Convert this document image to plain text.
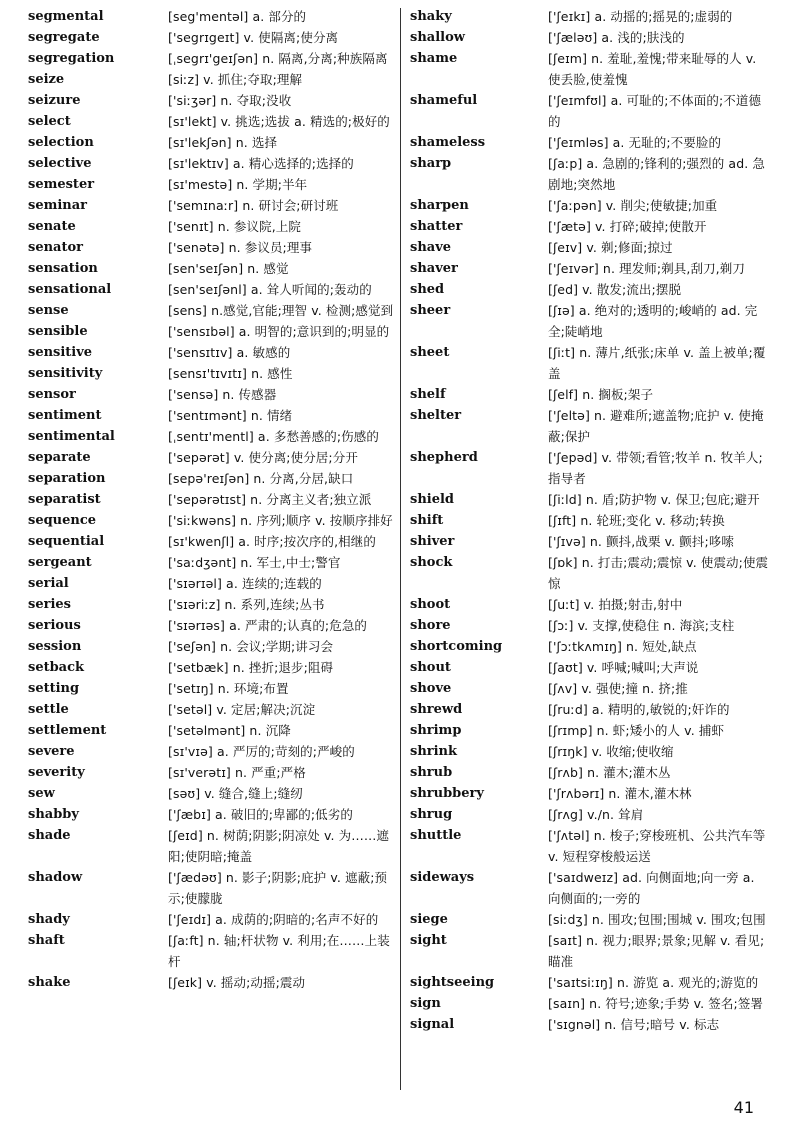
segmental	[seg'mentəl] a. 部分的
segregate	['segrɪgeɪt] v. 使隔离;使分离
segregation	[ˌsegrɪ'geɪʃən] n. 隔离,分离;种族隔离
seize	[siːz] v. 抓住;夺取;理解
seizure	['siːʒər] n. 夺取;没收
select	[sɪ'lekt] v. 挑选;选拔 a. 精选的;极好的
selection	[sɪ'lekʃən] n. 选择
selective	[sɪ'lektɪv] a. 精心选择的;选择的
semester	[sɪ'mestə] n. 学期;半年
seminar	['semɪnaːr] n. 研讨会;研讨班
senate	['senɪt] n. 参议院,上院
senator	['senətə] n. 参议员;理事
sensation	[sen'seɪʃən] n. 感觉
sensational	[sen'seɪʃənl] a. 耸人听闻的;轰动的
sense	[sens] n.感觉,官能;理智 v. 检测;感觉到
sensible	['sensɪbəl] a. 明智的;意识到的;明显的
sensitive	['sensɪtɪv] a. 敏感的
sensitivity	[sensɪ'tɪvɪtɪ] n. 感性
sensor	['sensə] n. 传感器
sentiment	['sentɪmənt] n. 情绪
sentimental	[ˌsentɪ'mentl] a. 多愁善感的;伤感的
separate	['sepərət] v. 使分离;使分居;分开
separation	[sepə'reɪʃən] n. 分离,分居,缺口
separatist	['sepərətɪst] n. 分离主义者;独立派
sequence	['siːkwəns] n. 序列;顺序 v. 按顺序排好
sequential	[sɪ'kwenʃl] a. 时序;按次序的,相继的
sergeant	['saːdʒənt] n. 军士,中士;警官
serial	['sɪərɪəl] a. 连续的;连载的
series	['sɪəriːz] n. 系列,连续;丛书
serious	['sɪərɪəs] a. 严肃的;认真的;危急的
session	['seʃən] n. 会议;学期;讲习会
setback	['setbæk] n. 挫折;退步;阻碍
setting	['setɪŋ] n. 环境;布置
settle	['setəl] v. 定居;解决;沉淀
settlement	['setəlmənt] n. 沉降
severe	[sɪ'vɪə] a. 严厉的;苛刻的;严峻的
severity	[sɪ'verətɪ] n. 严重;严格
sew	[səʊ] v. 缝合,缝上;缝纫
shabby	['ʃæbɪ] a. 破旧的;卑鄙的;低劣的
shade	[ʃeɪd] n. 树荫;阴影;阴凉处 v. 为……遮阳;使阴暗;掩盖
shadow	['ʃædəʊ] n. 影子;阴影;庇护 v. 遮蔽;预示;使朦胧
shady	['ʃeɪdɪ] a. 成荫的;阴暗的;名声不好的
shaft	[ʃaːft] n. 轴;杆状物 v. 利用;在……上装杆
shake	[ʃeɪk] v. 摇动;动摇;震动
shaky	['ʃeɪkɪ] a. 动摇的;摇晃的;虚弱的
shallow	['ʃæləʊ] a. 浅的;肤浅的
shame	[ʃeɪm] n. 羞耻,羞愧;带来耻辱的人 v. 使丢脸,使羞愧
shameful	['ʃeɪmfʊl] a. 可耻的;不体面的;不道德的
shameless	['ʃeɪmləs] a. 无耻的;不要脸的
sharp	[ʃaːp] a. 急剧的;锋利的;强烈的 ad. 急剧地;突然地
sharpen	['ʃaːpən] v. 削尖;使敏捷;加重
shatter	['ʃætə] v. 打碎;破掉;使散开
shave	[ʃeɪv] v. 剃;修面;掠过
shaver	['ʃeɪvər] n. 理发师;剃具,刮刀,剃刀
shed	[ʃed] v. 散发;流出;摆脱
sheer	[ʃɪə] a. 绝对的;透明的;峻峭的 ad. 完全;陡峭地
sheet	[ʃiːt] n. 薄片,纸张;床单 v. 盖上被单;覆盖
shelf	[ʃelf] n. 搁板;架子
shelter	['ʃeltə] n. 避难所;遮盖物;庇护 v. 使掩蔽;保护
shepherd	['ʃepəd] v. 带领;看管;牧羊 n. 牧羊人;指导者
shield	[ʃiːld] n. 盾;防护物 v. 保卫;包庇;避开
shift	[ʃɪft] n. 轮班;变化 v. 移动;转换
shiver	['ʃɪvə] n. 颤抖,战栗 v. 颤抖;哆嗦
shock	[ʃɒk] n. 打击;震动;震惊 v. 使震动;使震惊
shoot	[ʃuːt] v. 拍摄;射击,射中
shore	[ʃɔː] v. 支撑,使稳住 n. 海滨;支柱
shortcoming	['ʃɔːtkʌmɪŋ] n. 短处,缺点
shout	[ʃaʊt] v. 呼喊;喊叫;大声说
shove	[ʃʌv] v. 强使;撞 n. 挤;推
shrewd	[ʃruːd] a. 精明的,敏锐的;奸诈的
shrimp	[ʃrɪmp] n. 虾;矮小的人 v. 捕虾
shrink	[ʃrɪŋk] v. 收缩;使收缩
shrub	[ʃrʌb] n. 灌木;灌木丛
shrubbery	['ʃrʌbərɪ] n. 灌木,灌木林
shrug	[ʃrʌg] v./n. 耸肩
shuttle	['ʃʌtəl] n. 梭子;穿梭班机、公共汽车等 v. 短程穿梭般运送
sideways	['saɪdweɪz] ad. 向侧面地;向一旁 a. 向侧面的;一旁的
siege	[siːdʒ] n. 围攻;包围;围城 v. 围攻;包围
sight	[saɪt] n. 视力;眼界;景象;见解 v. 看见;瞄准
sightseeing	['saɪtsiːɪŋ] n. 游览 a. 观光的;游览的
sign	[saɪn] n. 符号;迹象;手势 v. 签名;签署
signal	['sɪgnəl] n. 信号;暗号 v. 标志
41
